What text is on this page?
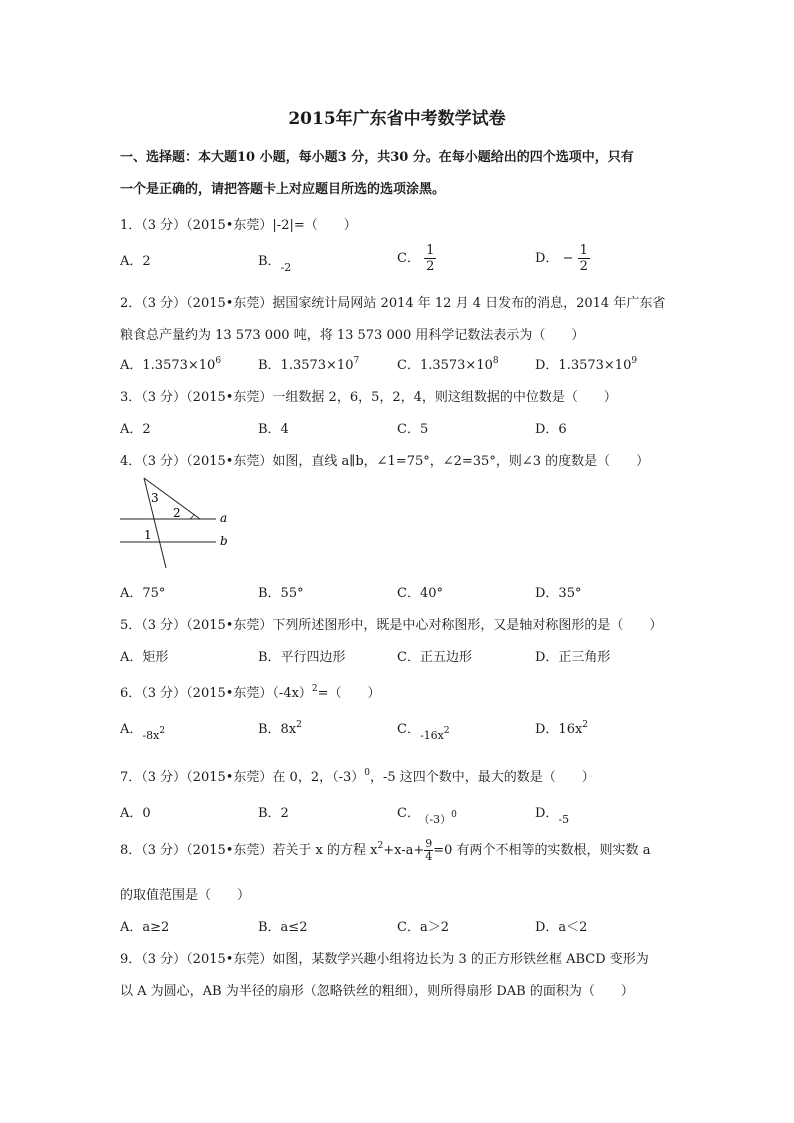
2015年广东省中考数学试卷
一、选择题：本大题10 小题，每小题3 分，共30 分。在每小题给出的四个选项中，只有
一个是正确的，请把答题卡上对应题目所选的选项涂黑。
1．（3 分）（2015•东莞）|-2|=（　　）
A．2	B．$_{-2}$
C． $\frac{1}{2}$	D． − $\frac{1}{2}$
2．（3 分）（2015•东莞）据国家统计局网站 2014 年 12 月 4 日发布的消息，2014 年广东省
粮食总产量约为 13 573 000 吨，将 13 573 000 用科学记数法表示为（　　）
A．$1.3573\times 10^6$	B．$1.3573\times 10^7$	C．$1.3573\times 10^8$	D．$1.3573\times 10^9$
3．（3 分）（2015•东莞）一组数据 2，6，5，2，4，则这组数据的中位数是（　　）
A．2	B．4	C．5	D．6
4．（3 分）（2015•东莞）如图，直线 a∥b，∠1=75°，∠2=35°，则∠3 的度数是（　　）
a
b
1
2
3
A．75°	B．55°	C．40°	D．35°
5．（3 分）（2015•东莞）下列所述图形中，既是中心对称图形，又是轴对称图形的是（　　）
A．矩形	B．平行四边形	C．正五边形	D．正三角形
6．（3 分）（2015•东莞）$(-4x)^2=$（　　）
A．$_{-8x^2}$	B．$8x^2$	C．$_{-16x^2}$	D．$16x^2$
7．（3 分）（2015•东莞）在 0，2，$(-3)^0$，-5 这四个数中，最大的数是（　　）
A．0	B．2	C． $_{(-3)^0}$	D．$_{-5}$
8．（3 分）（2015•东莞）若关于 x 的方程 $x^2+x-a+ \frac{9}{4} =0$ 有两个不相等的实数根，则实数 a
的取值范围是（　　）
A．a≥2	B．a≤2	C．a＞2	D．a＜2
9．（3 分）（2015•东莞）如图，某数学兴趣小组将边长为 3 的正方形铁丝框 ABCD 变形为
以 A 为圆心，AB 为半径的扇形（忽略铁丝的粗细），则所得扇形 DAB 的面积为（　　）
